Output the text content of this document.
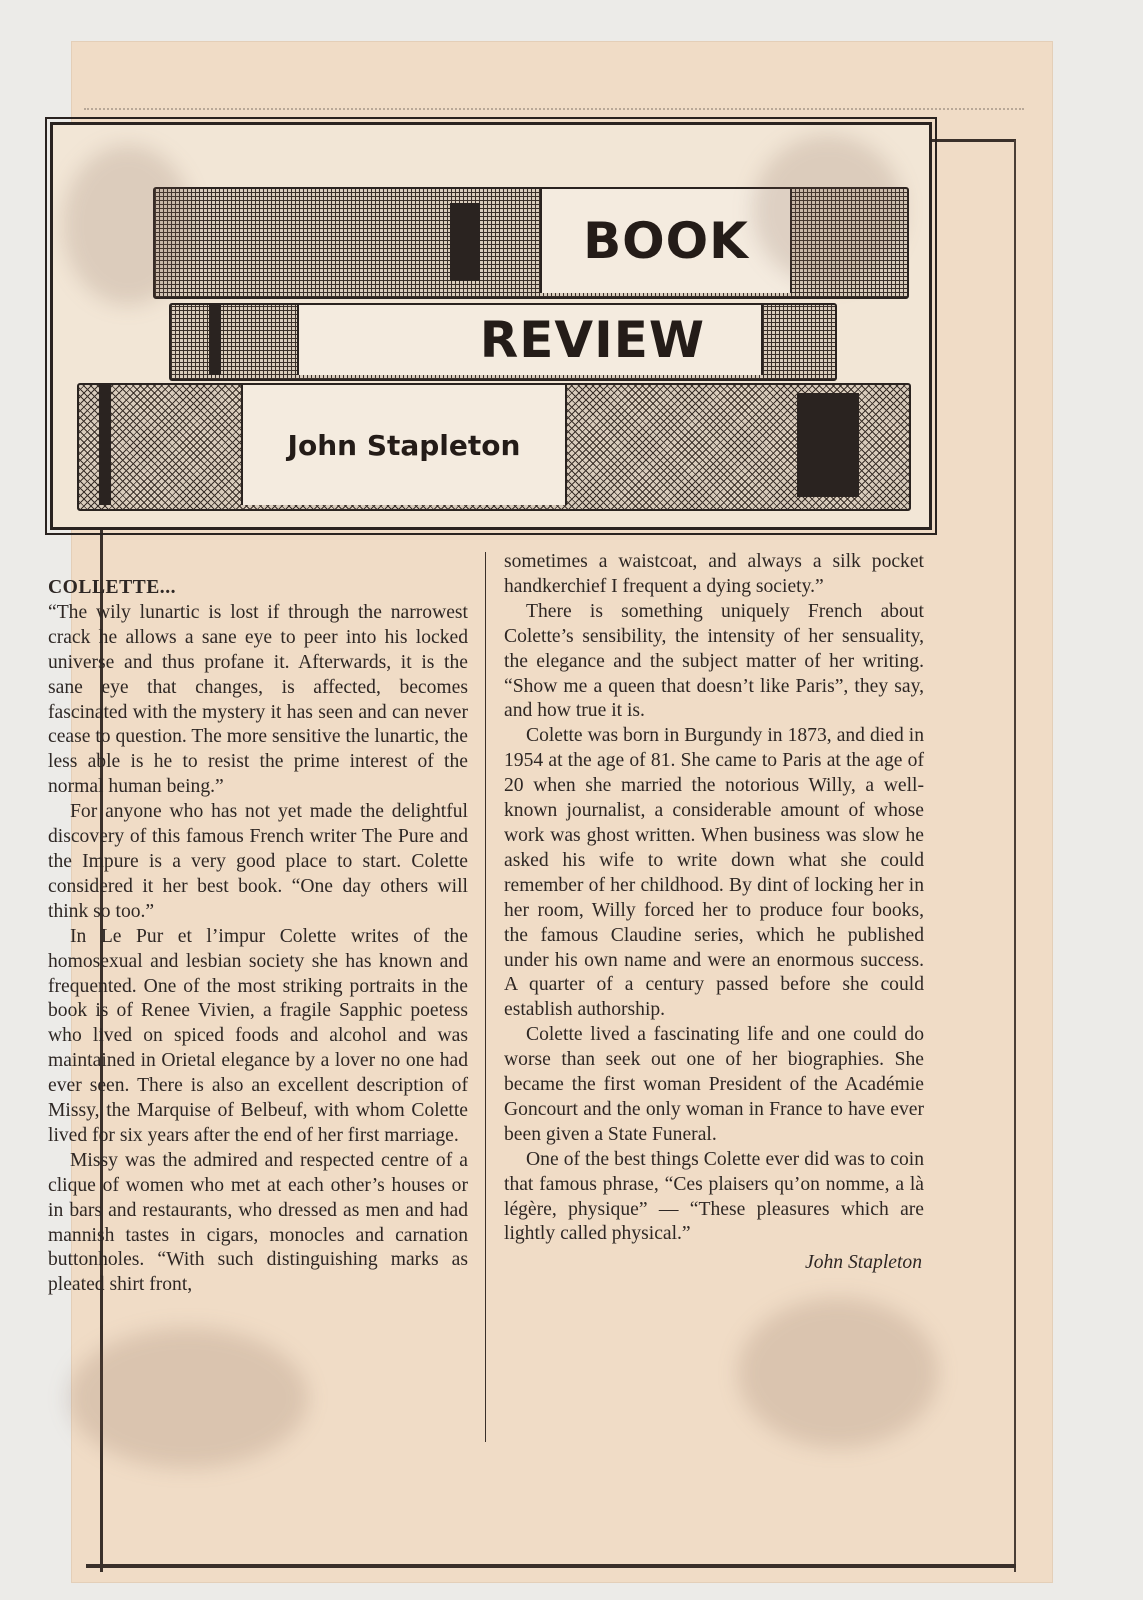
BOOK
REVIEW
John Stapleton

COLLETTE...

“The wily lunartic is lost if through the narrowest crack he allows a sane eye to peer into his locked universe and thus profane it. Afterwards, it is the sane eye that changes, is affected, becomes fascinated with the mystery it has seen and can never cease to question. The more sensitive the lunartic, the less able is he to resist the prime interest of the normal human being.”

For anyone who has not yet made the delightful discovery of this famous French writer The Pure and the Impure is a very good place to start. Colette considered it her best book. “One day others will think so too.”

In Le Pur et l’impur Colette writes of the homosexual and lesbian society she has known and frequented. One of the most striking portraits in the book is of Renee Vivien, a fragile Sapphic poetess who lived on spiced foods and alcohol and was maintained in Orietal elegance by a lover no one had ever seen. There is also an excellent description of Missy, the Marquise of Belbeuf, with whom Colette lived for six years after the end of her first marriage.

Missy was the admired and respected centre of a clique of women who met at each other’s houses or in bars and restaurants, who dressed as men and had mannish tastes in cigars, monocles and carnation buttonholes. “With such distinguishing marks as pleated shirt front,

sometimes a waistcoat, and always a silk pocket handkerchief I frequent a dying society.”

There is something uniquely French about Colette’s sensibility, the intensity of her sensuality, the elegance and the subject matter of her writing. “Show me a queen that doesn’t like Paris”, they say, and how true it is.

Colette was born in Burgundy in 1873, and died in 1954 at the age of 81. She came to Paris at the age of 20 when she married the notorious Willy, a well-known journalist, a considerable amount of whose work was ghost written. When business was slow he asked his wife to write down what she could remember of her childhood. By dint of locking her in her room, Willy forced her to produce four books, the famous Claudine series, which he published under his own name and were an enormous success. A quarter of a century passed before she could establish authorship.

Colette lived a fascinating life and one could do worse than seek out one of her biographies. She became the first woman President of the Académie Goncourt and the only woman in France to have ever been given a State Funeral.

One of the best things Colette ever did was to coin that famous phrase, “Ces plaisers qu’on nomme, a là légère, physique” — “These pleasures which are lightly called physical.”

John Stapleton
